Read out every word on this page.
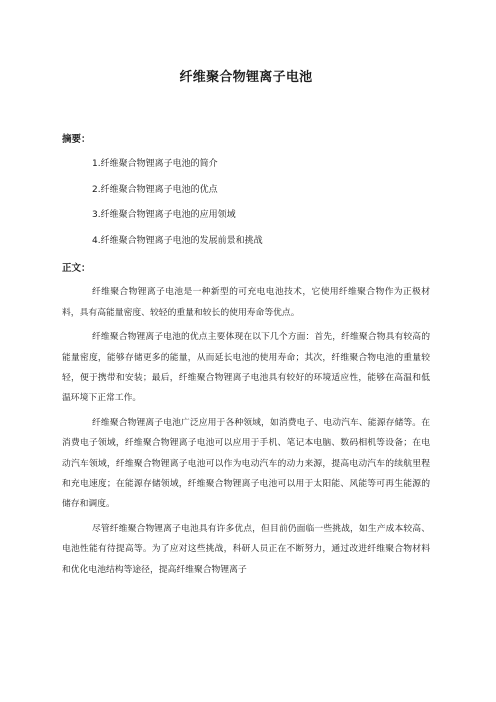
纤维聚合物锂离子电池

摘要：

1.纤维聚合物锂离子电池的简介
2.纤维聚合物锂离子电池的优点
3.纤维聚合物锂离子电池的应用领域
4.纤维聚合物锂离子电池的发展前景和挑战

正文：

纤维聚合物锂离子电池是一种新型的可充电电池技术，它使用纤维聚合物作为正极材料，具有高能量密度、较轻的重量和较长的使用寿命等优点。

纤维聚合物锂离子电池的优点主要体现在以下几个方面：首先，纤维聚合物具有较高的能量密度，能够存储更多的能量，从而延长电池的使用寿命；其次，纤维聚合物电池的重量较轻，便于携带和安装；最后，纤维聚合物锂离子电池具有较好的环境适应性，能够在高温和低温环境下正常工作。

纤维聚合物锂离子电池广泛应用于各种领域，如消费电子、电动汽车、能源存储等。在消费电子领域，纤维聚合物锂离子电池可以应用于手机、笔记本电脑、数码相机等设备；在电动汽车领域，纤维聚合物锂离子电池可以作为电动汽车的动力来源，提高电动汽车的续航里程和充电速度；在能源存储领域，纤维聚合物锂离子电池可以用于太阳能、风能等可再生能源的储存和调度。

尽管纤维聚合物锂离子电池具有许多优点，但目前仍面临一些挑战，如生产成本较高、电池性能有待提高等。为了应对这些挑战，科研人员正在不断努力，通过改进纤维聚合物材料和优化电池结构等途径，提高纤维聚合物锂离子
